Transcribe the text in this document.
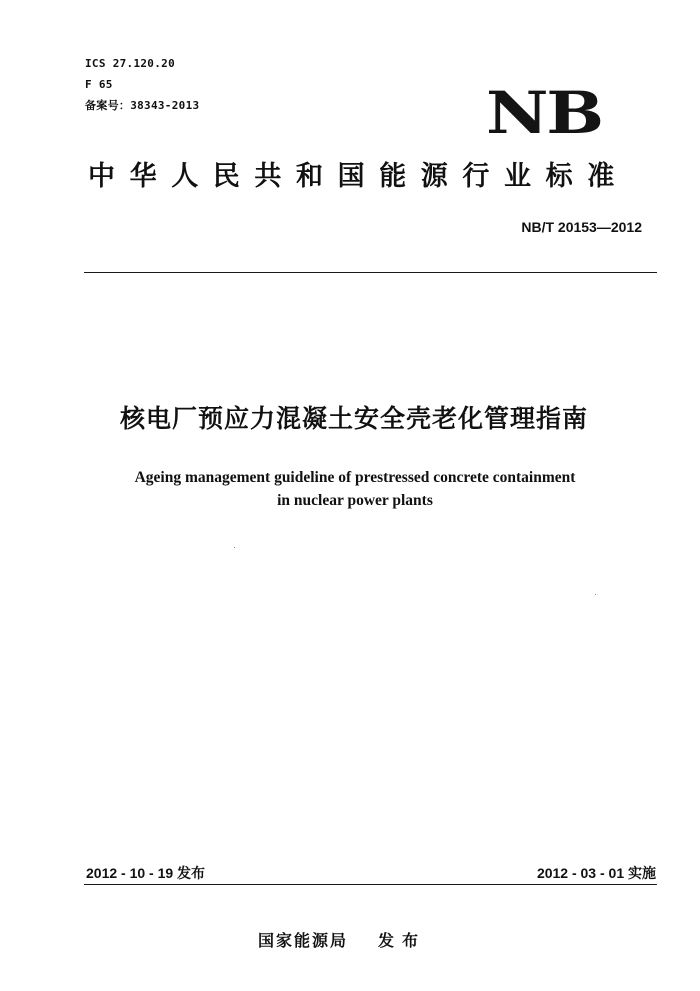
ICS 27.120.20
F 65
备案号：38343-2013	NB
中华人民共和国能源行业标准
NB/T 20153—2012
核电厂预应力混凝土安全壳老化管理指南
Ageing management guideline of prestressed concrete containment
in nuclear power plants
2012 - 10 - 19 发布	2012 - 03 - 01 实施
国家能源局 发布
